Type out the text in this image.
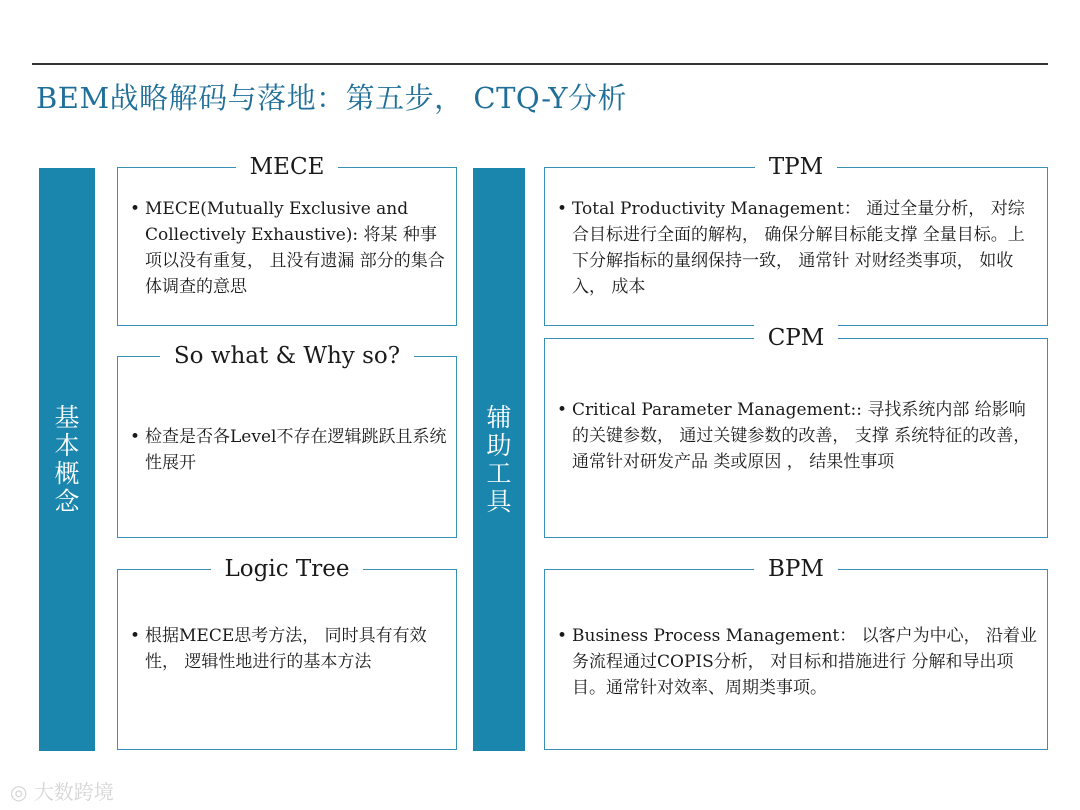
BEM战略解码与落地：第五步， CTQ-Y分析
基本概念
辅助工具
MECE
• MECE(Mutually Exclusive and Collectively Exhaustive): 将某 种事项以没有重复， 且没有遗漏 部分的集合体调查的意思
So what & Why so?
• 检查是否各Level不存在逻辑跳跃且系统性展开
Logic Tree
• 根据MECE思考方法， 同时具有有效性， 逻辑性地进行的基本方法
TPM
• Total Productivity Management： 通过全量分析， 对综合目标进行全面的解构， 确保分解目标能支撑 全量目标。上下分解指标的量纲保持一致， 通常针 对财经类事项， 如收入， 成本
CPM
• Critical Parameter Management:: 寻找系统内部 给影响的关键参数， 通过关键参数的改善， 支撑 系统特征的改善， 通常针对研发产品 类或原因 ， 结果性事项
BPM
• Business Process Management： 以客户为中心， 沿着业务流程通过COPIS分析， 对目标和措施进行 分解和导出项目。通常针对效率、周期类事项。
◎ 大数跨境
